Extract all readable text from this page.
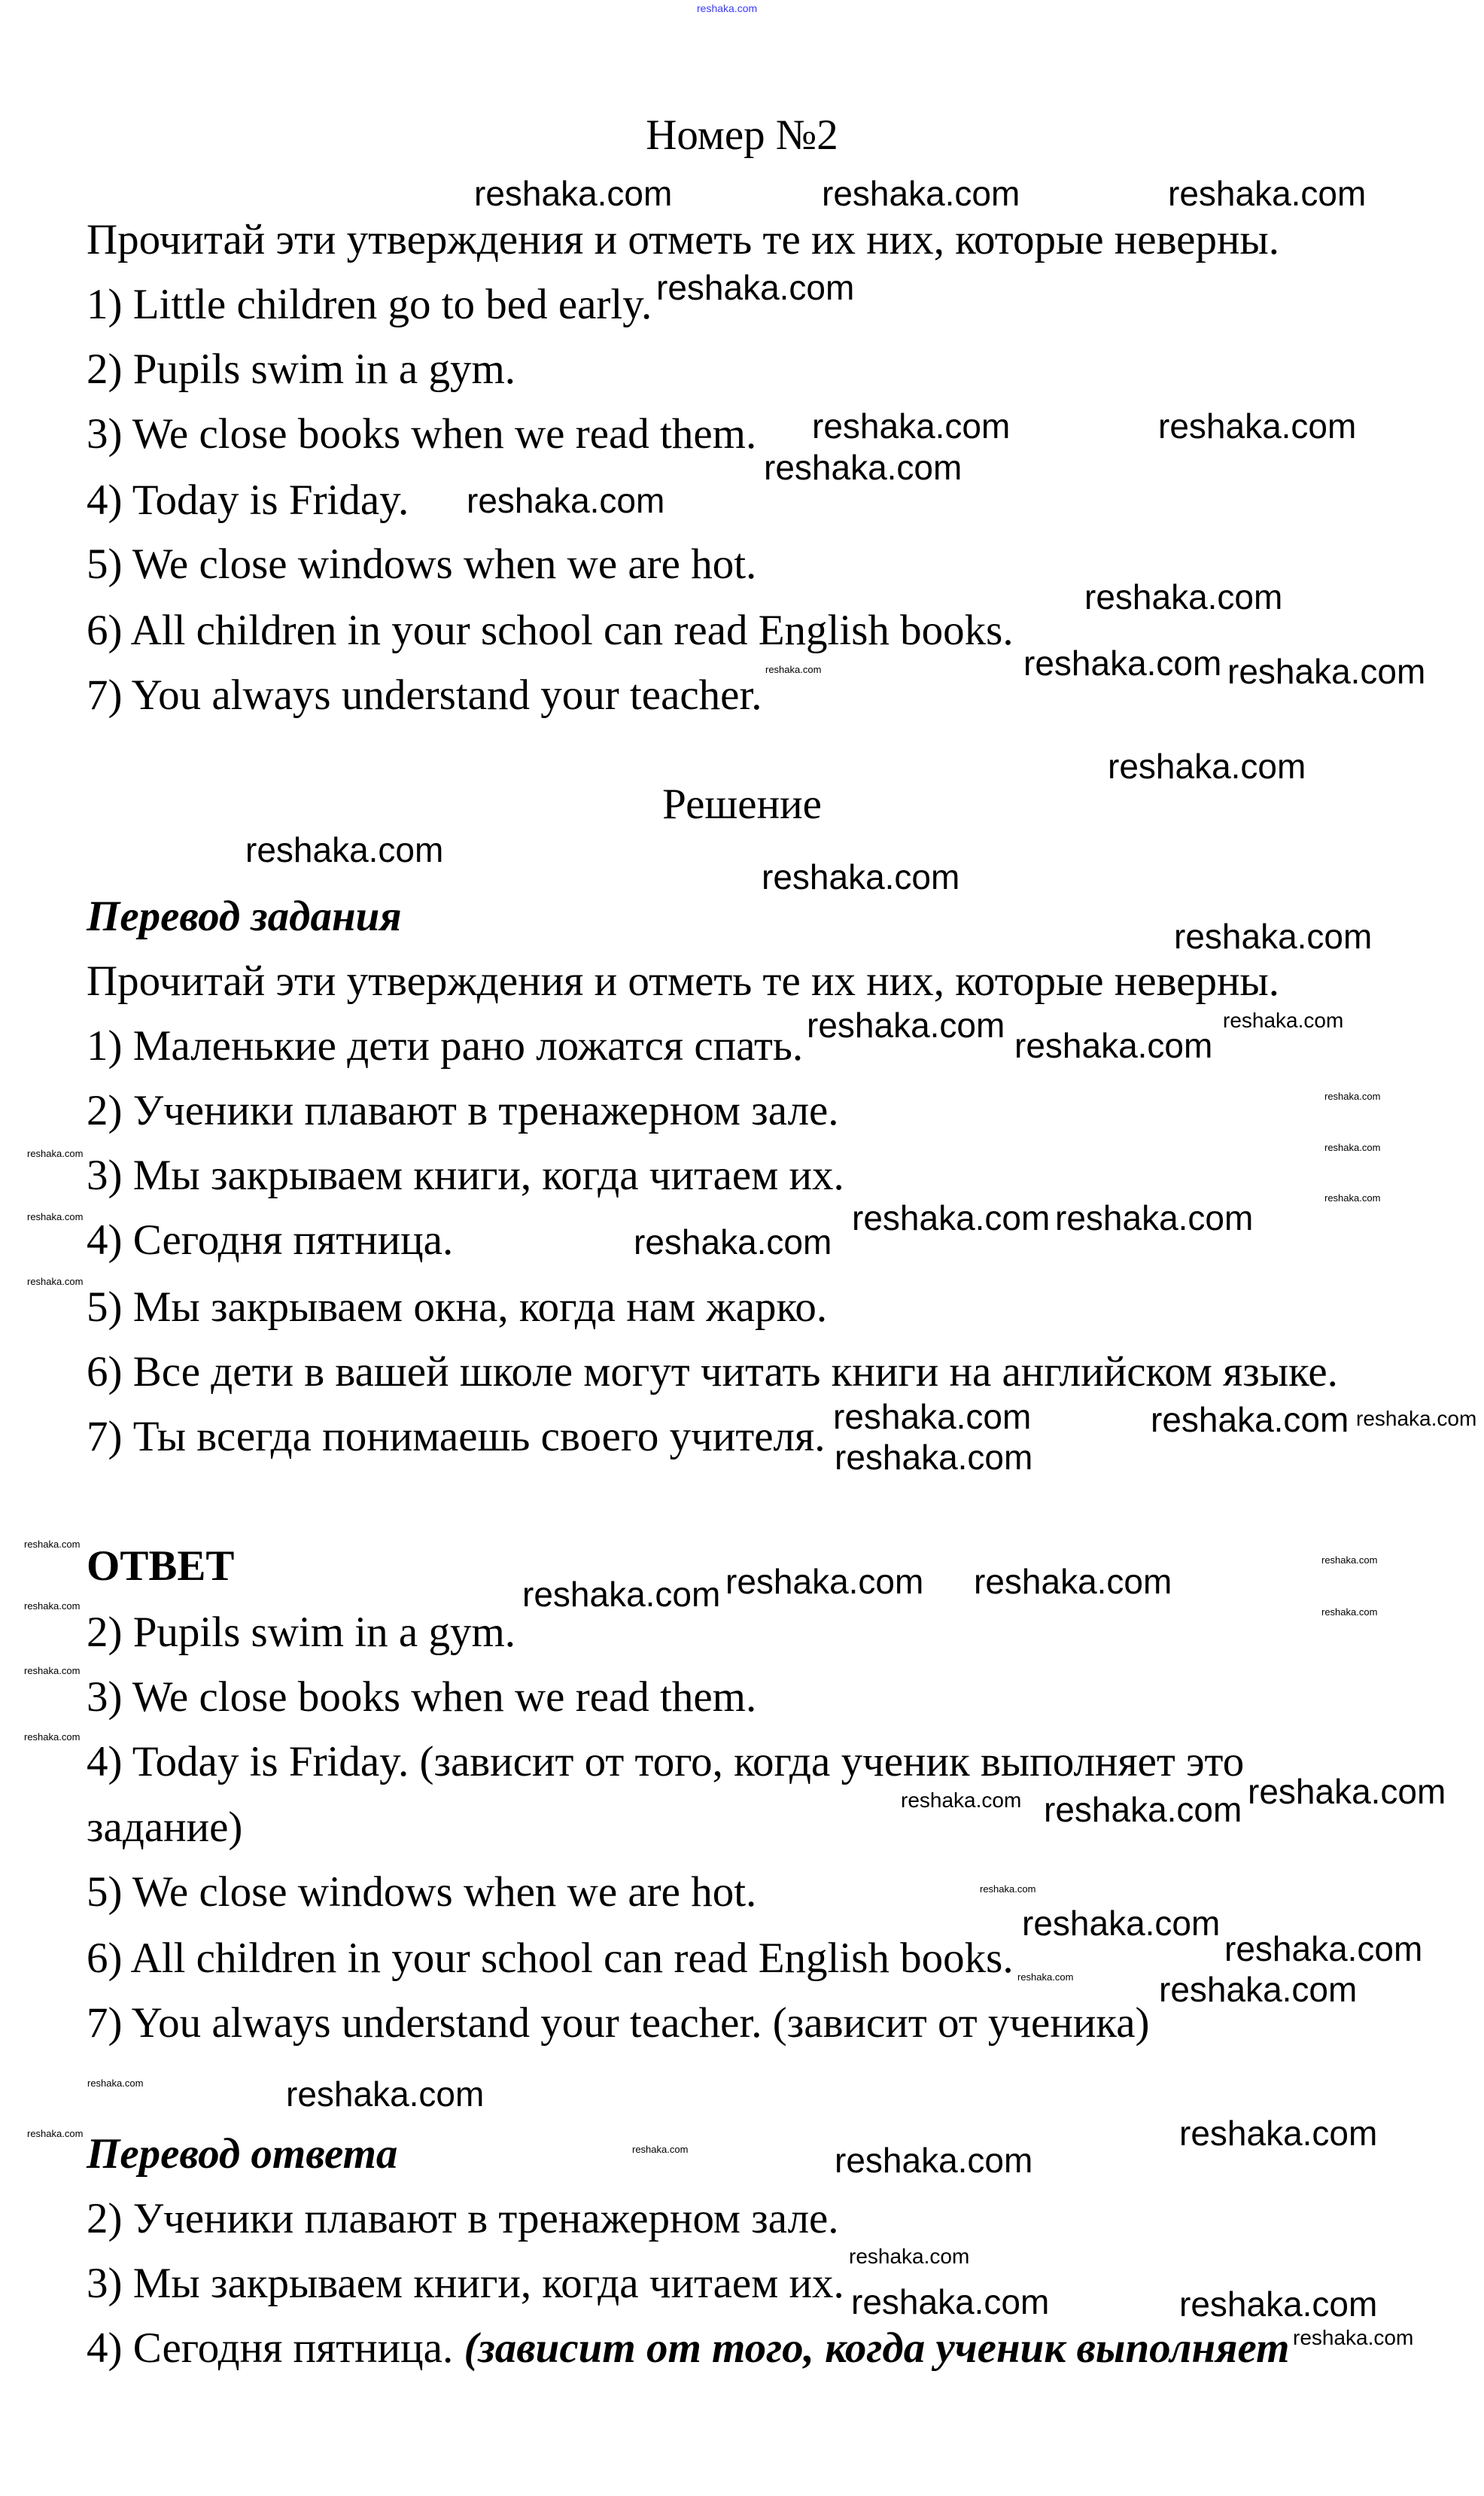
Номер №2
Прочитай эти утверждения и отметь те их них, которые неверны.
1) Little children go to bed early.
2) Pupils swim in a gym.
3) We close books when we read them.
4) Today is Friday.
5) We close windows when we are hot.
6) All children in your school can read English books.
7) You always understand your teacher.
Решение
Перевод задания
Прочитай эти утверждения и отметь те их них, которые неверны.
1) Маленькие дети рано ложатся спать.
2) Ученики плавают в тренажерном зале.
3) Мы закрываем книги, когда читаем их.
4) Сегодня пятница.
5) Мы закрываем окна, когда нам жарко.
6) Все дети в вашей школе могут читать книги на английском языке.
7) Ты всегда понимаешь своего учителя.
ОТВЕТ
2) Pupils swim in a gym.
3) We close books when we read them.
4) Today is Friday. (зависит от того, когда ученик выполняет это
задание)
5) We close windows when we are hot.
6) All children in your school can read English books.
7) You always understand your teacher. (зависит от ученика)
Перевод ответа
2) Ученики плавают в тренажерном зале.
3) Мы закрываем книги, когда читаем их.
4) Сегодня пятница. (зависит от того, когда ученик выполняет
reshaka.com
reshaka.com	reshaka.com	reshaka.com
reshaka.com
reshaka.com	reshaka.com
reshaka.com
reshaka.com
reshaka.com
reshaka.com reshaka.com
reshaka.com
reshaka.com
reshaka.com
reshaka.com
reshaka.com
reshaka.com
reshaka.com reshaka.com
reshaka.com
reshaka.com
reshaka.com
reshaka.com
reshaka.com reshaka.com reshaka.com
reshaka.com
reshaka.com
reshaka.com
reshaka.com
reshaka.com
reshaka.com
reshaka.com
reshaka.com
reshaka.com	reshaka.com
reshaka.com
reshaka.com
reshaka.com
reshaka.com
reshaka.com
reshaka.com
reshaka.com
reshaka.com
reshaka.com
reshaka.com
reshaka.com
reshaka.com
reshaka.com
reshaka.com
reshaka.com
reshaka.com
reshaka.com
reshaka.com
reshaka.com
reshaka.com
reshaka.com
reshaka.com
reshaka.com
